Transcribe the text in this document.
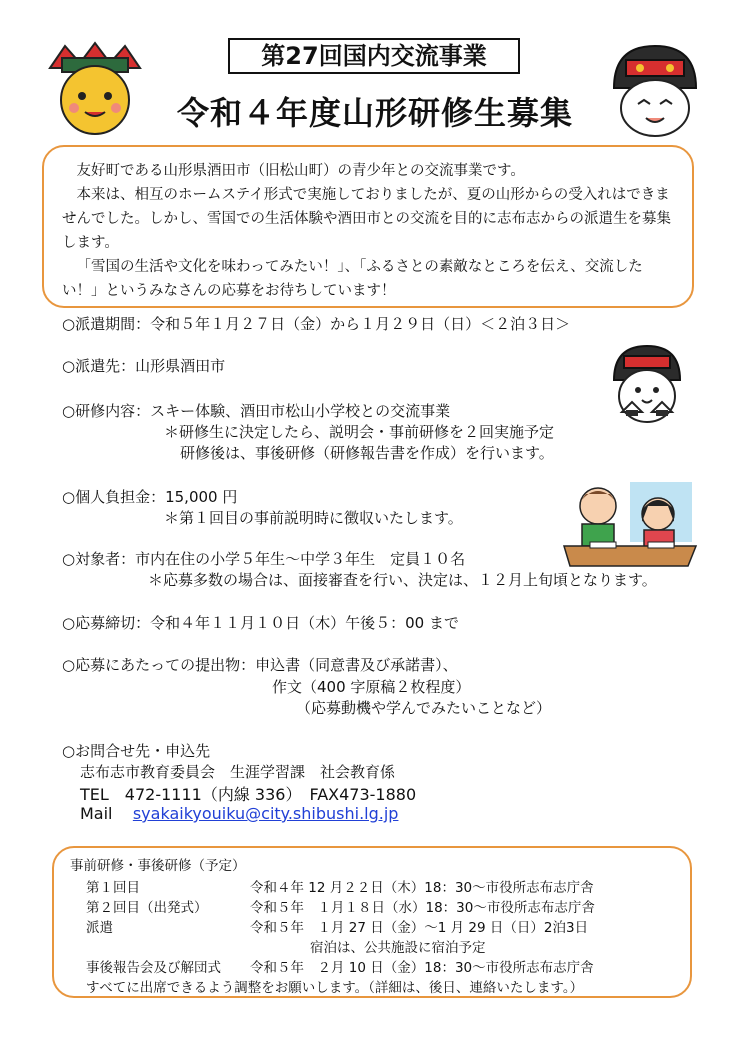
第27回国内交流事業
令和４年度山形研修生募集
友好町である山形県酒田市（旧松山町）の青少年との交流事業です。
本来は、相互のホームステイ形式で実施しておりましたが、夏の山形からの受入れはできませんでした。しかし、雪国での生活体験や酒田市との交流を目的に志布志からの派遣生を募集します。
「雪国の生活や文化を味わってみたい！」、「ふるさとの素敵なところを伝え、交流したい！」というみなさんの応募をお待ちしています！
○派遣期間：令和５年１月２７日（金）から１月２９日（日）＜２泊３日＞
○派遣先：山形県酒田市
○研修内容：スキー体験、酒田市松山小学校との交流事業
＊研修生に決定したら、説明会・事前研修を２回実施予定
研修後は、事後研修（研修報告書を作成）を行います。
○個人負担金：15,000 円
＊第１回目の事前説明時に徴収いたします。
○対象者：市内在住の小学５年生～中学３年生　定員１０名
＊応募多数の場合は、面接審査を行い、決定は、１２月上旬頃となります。
○応募締切：令和４年１１月１０日（木）午後５：00 まで
○応募にあたっての提出物：申込書（同意書及び承諾書）、
作文（400 字原稿２枚程度）
（応募動機や学んでみたいことなど）
○お問合せ先・申込先
志布志市教育委員会　生涯学習課　社会教育係
TEL　472-1111（内線 336）　FAX473-1880
Mail syakaikyouiku@city.shibushi.lg.jp
事前研修・事後研修（予定）
第１回目	令和４年 12 月２２日（木）18：30～市役所志布志庁舎
第２回目（出発式）	令和５年　１月１８日（水）18：30～市役所志布志庁舎
派遣	令和５年　１月 27 日（金）～1 月 29 日（日）2泊3日
宿泊は、公共施設に宿泊予定
事後報告会及び解団式 令和５年　２月 10 日（金）18：30～市役所志布志庁舎
すべてに出席できるよう調整をお願いします。（詳細は、後日、連絡いたします。）
